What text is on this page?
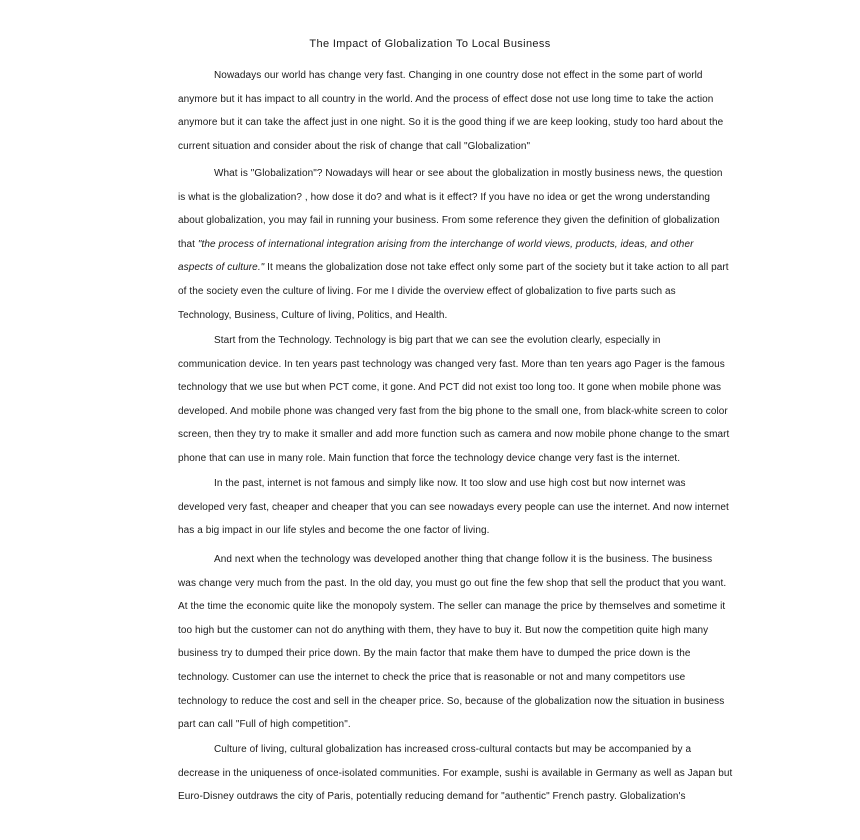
The Impact of Globalization To Local Business
Nowadays our world has change very fast. Changing in one country dose not effect in the some part of world
anymore but it has impact to all country in the world. And the process of effect dose not use long time to take the action
anymore but it can take the affect just in one night. So it is the good thing if we are keep looking, study too hard about the
current situation and consider about the risk of change that call "Globalization"
What is "Globalization"? Nowadays will hear or see about the globalization in mostly business news, the question
is what is the globalization? , how dose it do? and what is it effect? If you have no idea or get the wrong understanding
about globalization, you may fail in running your business. From some reference they given the definition of globalization
that "the process of international integration arising from the interchange of world views, products, ideas, and other
aspects of culture." It means the globalization dose not take effect only some part of the society but it take action to all part
of the society even the culture of living. For me I divide the overview effect of globalization to five parts such as
Technology, Business, Culture of living, Politics, and Health.
Start from the Technology. Technology is big part that we can see the evolution clearly, especially in
communication device. In ten years past technology was changed very fast. More than ten years ago Pager is the famous
technology that we use but when PCT come, it gone. And PCT did not exist too long too. It gone when mobile phone was
developed. And mobile phone was changed very fast from the big phone to the small one, from black-white screen to color
screen, then they try to make it smaller and add more function such as camera and now mobile phone change to the smart
phone that can use in many role. Main function that force the technology device change very fast is the internet.
In the past, internet is not famous and simply like now. It too slow and use high cost but now internet was
developed very fast, cheaper and cheaper that you can see nowadays every people can use the internet. And now internet
has a big impact in our life styles and become the one factor of living.
And next when the technology was developed another thing that change follow it is the business. The business
was change very much from the past. In the old day, you must go out fine the few shop that sell the product that you want.
At the time the economic quite like the monopoly system. The seller can manage the price by themselves and sometime it
too high but the customer can not do anything with them, they have to buy it. But now the competition quite high many
business try to dumped their price down. By the main factor that make them have to dumped the price down is the
technology. Customer can use the internet to check the price that is reasonable or not and many competitors use
technology to reduce the cost and sell in the cheaper price. So, because of the globalization now the situation in business
part can call "Full of high competition".
Culture of living, cultural globalization has increased cross-cultural contacts but may be accompanied by a
decrease in the uniqueness of once-isolated communities. For example, sushi is available in Germany as well as Japan but
Euro-Disney outdraws the city of Paris, potentially reducing demand for "authentic" French pastry. Globalization's
